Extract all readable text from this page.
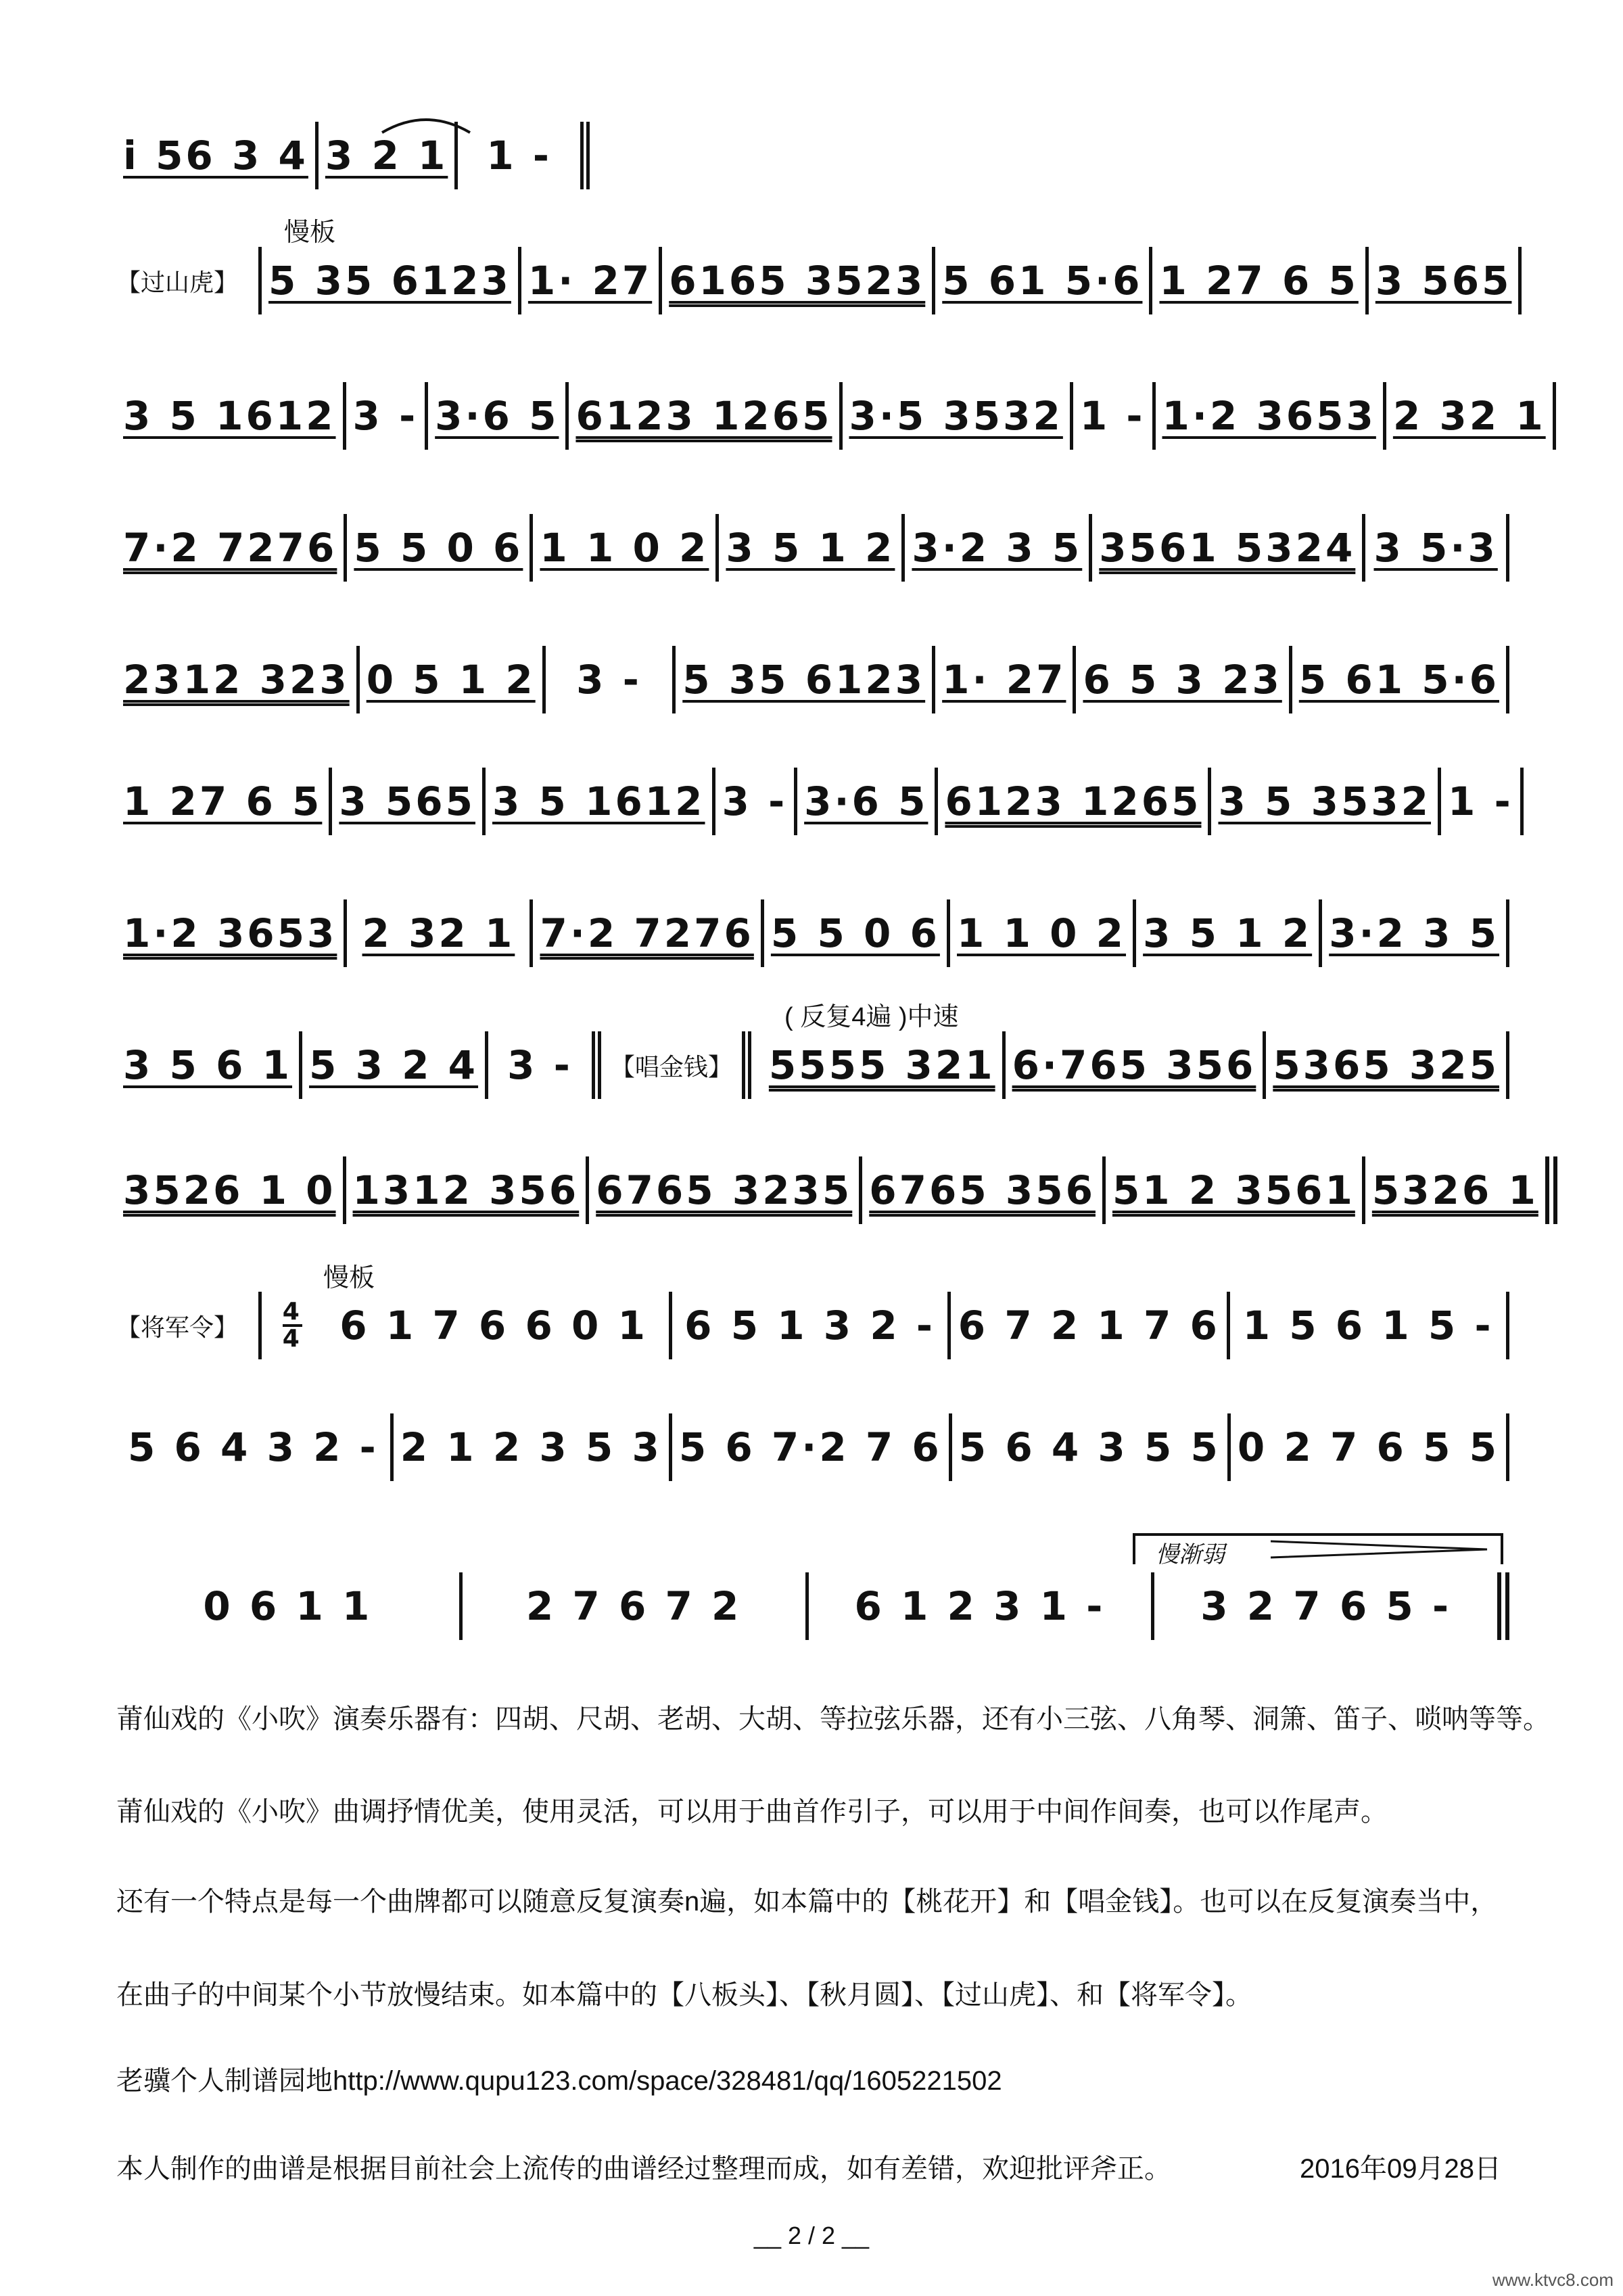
i 56 3 4 3 2 1 1 -
慢板
【过山虎】 5 35 6123 1· 27 6165 3523 5 61 5·6 1 27 6 5 3 565
3 5 1612 3 - 3·6 5 6123 1265 3·5 3532 1 - 1·2 3653 2 32 1
7·2 7276 5 5 0 6 1 1 0 2 3 5 1 2 3·2 3 5 3561 5324 3 5·3
2312 323 0 5 1 2 3 - 5 35 6123 1· 27 6 5 3 23 5 61 5·6
1 27 6 5 3 565 3 5 1612 3 - 3·6 5 6123 1265 3 5 3532 1 -
1·2 3653 2 32 1 7·2 7276 5 5 0 6 1 1 0 2 3 5 1 2 3·2 3 5
( 反复4遍 )中速
3 5 6 1 5 3 2 4 3 - 【唱金钱】 5555 321 6·765 356 5365 325
3526 1 0 1312 356 6765 3235 6765 356 51 2 3561 5326 1
慢板
【将军令】
4
4 6 1 7 6 6 0 1 6 5 1 3 2 - 6 7 2 1 7 6 1 5 6 1 5 -
5 6 4 3 2 - 2 1 2 3 5 3 5 6 7·2 7 6 5 6 4 3 5 5 0 2 7 6 5 5
慢渐弱
0 6 1 1	2 7 6 7 2	6 1 2 3 1 - 3 2 7 6 5 -
莆仙戏的《小吹》演奏乐器有：四胡、尺胡、老胡、大胡、等拉弦乐器，还有小三弦、八角琴、洞箫、笛子、唢呐等等。
莆仙戏的《小吹》曲调抒情优美，使用灵活，可以用于曲首作引子，可以用于中间作间奏，也可以作尾声。
还有一个特点是每一个曲牌都可以随意反复演奏n遍，如本篇中的【桃花开】和【唱金钱】。也可以在反复演奏当中，
在曲子的中间某个小节放慢结束。如本篇中的【八板头】、【秋月圆】、【过山虎】、和【将军令】。
老骥个人制谱园地http://www.qupu123.com/space/328481/qq/1605221502
本人制作的曲谱是根据目前社会上流传的曲谱经过整理而成，如有差错，欢迎批评斧正。	2016年09月28日
__ 2 / 2 __
www.ktvc8.com
